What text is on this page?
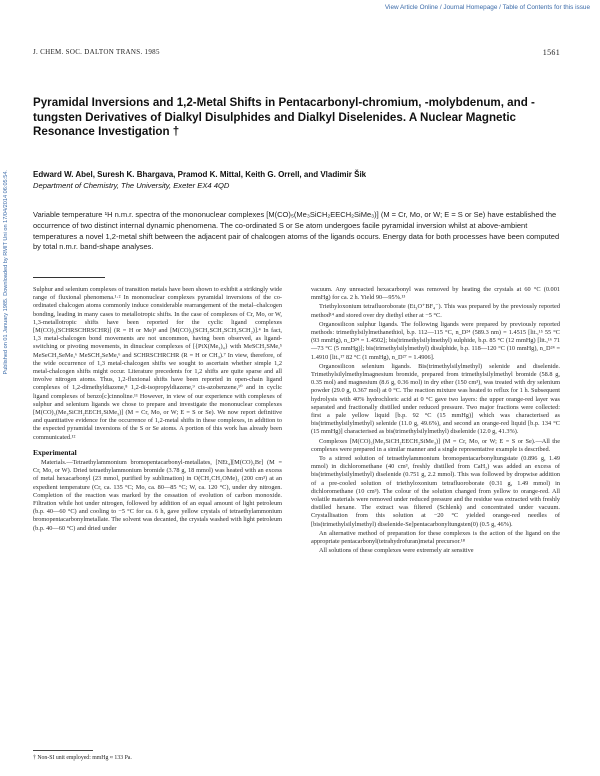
View Article Online / Journal Homepage / Table of Contents for this issue
Published on 01 January 1985. Downloaded by RMIT Uni on 17/04/2014 06:05:54.
J. CHEM. SOC. DALTON TRANS. 1985	1561
Pyramidal Inversions and 1,2-Metal Shifts in Pentacarbonyl-chromium, -molybdenum, and -tungsten Derivatives of Dialkyl Disulphides and Dialkyl Diselenides. A Nuclear Magnetic Resonance Investigation †
Edward W. Abel, Suresh K. Bhargava, Pramod K. Mittal, Keith G. Orrell, and Vladimir Šik
Department of Chemistry, The University, Exeter EX4 4QD
Variable temperature ¹H n.m.r. spectra of the mononuclear complexes [M(CO)₅(Me₃SiCH₂EECH₂SiMe₃)] (M = Cr, Mo, or W; E = S or Se) have established the occurrence of two distinct internal dynamic phenomena. The co-ordinated S or Se atom undergoes facile pyramidal inversion whilst at above-ambient temperatures a novel 1,2-metal shift between the adjacent pair of chalcogen atoms of the ligands occurs. Energy data for both processes have been computed by total n.m.r. band-shape analyses.

Sulphur and selenium complexes of transition metals have been shown to exhibit a strikingly wide range of fluxional phenomena.¹·² In mononuclear complexes pyramidal inversions of the co-ordinated chalcogen atoms commonly induce considerable rearrangement of the metal–chalcogen bonding, leading in many cases to metallotropic shifts. In the case of complexes of Cr, Mo, or W, 1,3-metallotropic shifts have been reported for the cyclic ligand complexes [M(CO)₅(SCHRSCHRSCHR)] (R = H or Me)³ and [M(CO)₅(SCH₂SCH₂SCH₂SCH₂)].⁴ In fact, 1,3 metal-chalcogen bond movements are not uncommon, having been observed, as ligand-switching or pivoting movements, in dinuclear complexes of [{PtX(Me₃)₄} with MeSCH₂SMe,⁵ MeSeCH₂SeMe,⁶ MeSCH₂SeMe,⁶ and SCHRSCHRCHR (R = H or CH₃).⁷ In view, therefore, of the wide occurrence of 1,3 metal-chalcogen shifts we sought to ascertain whether simple 1,2 metal-chalcogen shifts might occur. Literature precedents for 1,2 shifts are quite sparse and all involve nitrogen atoms. Thus, 1,2-fluxional shifts have been reported in open-chain ligand complexes of 1,2-dimethyldiazene,⁸ 1,2-di-isopropyldiazene,⁹ cis-azobenzene,¹⁰ and in cyclic ligand complexes of benzo[c]cinnoline.¹¹ However, in view of our experience with complexes of sulphur and selenium ligands we chose to prepare and investigate the mononuclear complexes [M(CO)₅(Me₃SiCH₂EECH₂SiMe₃)] (M = Cr, Mo, or W; E = S or Se). We now report definitive and quantitative evidence for the occurrence of 1,2-metal shifts in these complexes, in addition to the expected pyramidal inversions of the S or Se atoms. A portion of this work has already been communicated.¹²

Experimental

Materials.—Tetraethylammonium bromopentacarbonyl-metallates, [NEt₄][M(CO)₅Br] (M = Cr, Mo, or W). Dried tetraethylammonium bromide (3.78 g, 18 mmol) was heated with an excess of metal hexacarbonyl (23 mmol, purified by sublimation) in O(CH₂CH₂OMe)₂ (200 cm³) at an expedient temperature (Cr, ca. 135 °C; Mo, ca. 80—85 °C; W, ca. 120 °C), under dry nitrogen. Completion of the reaction was marked by the cessation of evolution of carbon monoxide. Filtration while hot under nitrogen, followed by addition of an equal amount of light petroleum (b.p. 40—60 °C) and cooling to −5 °C for ca. 6 h, gave yellow crystals of tetraethylammonium bromopentacarbonylmetallate. The solvent was decanted, the crystals washed with light petroleum (b.p. 40—60 °C) and dried under

vacuum. Any unreacted hexacarbonyl was removed by heating the crystals at 60 °C (0.001 mmHg) for ca. 2 h. Yield 90—95%.¹³

Triethyloxonium tetrafluoroborate (Et₃O⁺BF₄⁻). This was prepared by the previously reported method¹⁴ and stored over dry diethyl ether at −5 °C.

Organosilicon sulphur ligands. The following ligands were prepared by previously reported methods: trimethylsilylmethanethiol, b.p. 112—115 °C, n_D²⁴ (589.3 nm) = 1.4515 [lit.,¹⁵ 55 °C (93 mmHg), n_D²⁴ = 1.4502]; bis(trimethylsilylmethyl) sulphide, b.p. 85 °C (12 mmHg) [lit.,¹⁶ 71—73 °C (5 mmHg)]; bis(trimethylsilylmethyl) disulphide, b.p. 118—120 °C (10 mmHg), n_D²⁴ = 1.4910 [lit.,¹⁷ 82 °C (1 mmHg), n_D²⁷ = 1.4906].

Organosilicon selenium ligands. Bis(trimethylsilylmethyl) selenide and diselenide. Trimethylsilylmethylmagnesium bromide, prepared from trimethylsilylmethyl bromide (58.8 g, 0.35 mol) and magnesium (8.6 g, 0.36 mol) in dry ether (150 cm³), was treated with dry selenium powder (29.0 g, 0.367 mol) at 0 °C. The reaction mixture was heated to reflux for 1 h. Subsequent hydrolysis with 40% hydrochloric acid at 0 °C gave two layers: the upper orange-red layer was separated and fractionally distilled under reduced pressure. Two major fractions were collected: first a pale yellow liquid [b.p. 92 °C (15 mmHg)] which was characterised as bis(trimethylsilylmethyl) selenide (11.0 g, 49.6%), and second an orange-red liquid [b.p. 134 °C (15 mmHg)] characterised as bis(trimethylsilylmethyl) diselenide (12.0 g, 41.3%).

Complexes [M(CO)₅(Me₃SiCH₂EECH₂SiMe₃)] (M = Cr, Mo, or W; E = S or Se).—All the complexes were prepared in a similar manner and a single representative example is described.

To a stirred solution of tetraethylammonium bromopentacarbonyltungstate (0.896 g, 1.49 mmol) in dichloromethane (40 cm³, freshly distilled from CaH₂) was added an excess of bis(trimethylsilylmethyl) diselenide (0.751 g, 2.2 mmol). This was followed by dropwise addition of a pre-cooled solution of triethyloxonium tetrafluoroborate (0.31 g, 1.49 mmol) in dichloromethane (10 cm³). The colour of the solution changed from yellow to orange-red. All volatile materials were removed under reduced pressure and the residue was extracted with freshly distilled hexane. The extract was filtered (Schlenk) and concentrated under vacuum. Crystallisation from this solution at −20 °C yielded orange-red needles of [bis(trimethylsilylmethyl) diselenide-Se]pentacarbonyltungsten(0) (0.5 g, 46%).

An alternative method of preparation for these complexes is the action of the ligand on the appropriate pentacarbonyl(tetrahydrofuran)metal precursor.¹⁸

All solutions of these complexes were extremely air sensitive

† Non-SI unit employed: mmHg ≈ 133 Pa.
